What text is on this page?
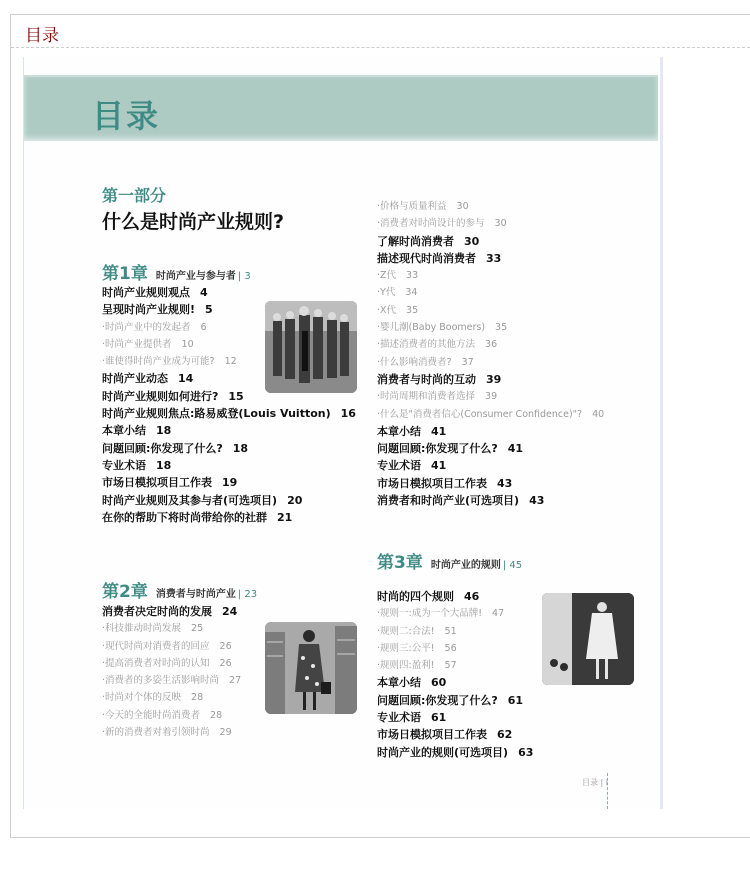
目录
目录
第一部分
什么是时尚产业规则?
第1章 时尚产业与参与者 | 3
时尚产业规则观点 4
呈现时尚产业规则! 5
·时尚产业中的发起者 6
·时尚产业提供者 10
·谁使得时尚产业成为可能? 12
时尚产业动态 14
时尚产业规则如何进行? 15
时尚产业规则焦点:路易威登(Louis Vuitton) 16
本章小结 18
问题回顾:你发现了什么? 18
专业术语 18
市场日模拟项目工作表 19
时尚产业规则及其参与者(可选项目) 20
在你的帮助下将时尚带给你的社群 21
第2章 消费者与时尚产业 | 23
消费者决定时尚的发展 24
·科技推动时尚发展 25
·现代时尚对消费者的回应 26
·提高消费者对时尚的认知 26
·消费者的多姿生活影响时尚 27
·时尚对个体的反映 28
·今天的全能时尚消费者 28
·新的消费者对着引领时尚 29
·价格与质量利益 30
·消费者对时尚设计的参与 30
了解时尚消费者 30
描述现代时尚消费者 33
·Z代 33
·Y代 34
·X代 35
·婴儿潮(Baby Boomers) 35
·描述消费者的其他方法 36
·什么影响消费者? 37
消费者与时尚的互动 39
·时尚周期和消费者选择 39
·什么是"消费者信心(Consumer Confidence)"? 40
本章小结 41
问题回顾:你发现了什么? 41
专业术语 41
市场日模拟项目工作表 43
消费者和时尚产业(可选项目) 43
第3章 时尚产业的规则 | 45
时尚的四个规则 46
·规则一:成为一个大品牌! 47
·规则二:合法! 51
·规则三:公平! 56
·规则四:盈利! 57
本章小结 60
问题回顾:你发现了什么? 61
专业术语 61
市场日模拟项目工作表 62
时尚产业的规则(可选项目) 63
目录 | i
